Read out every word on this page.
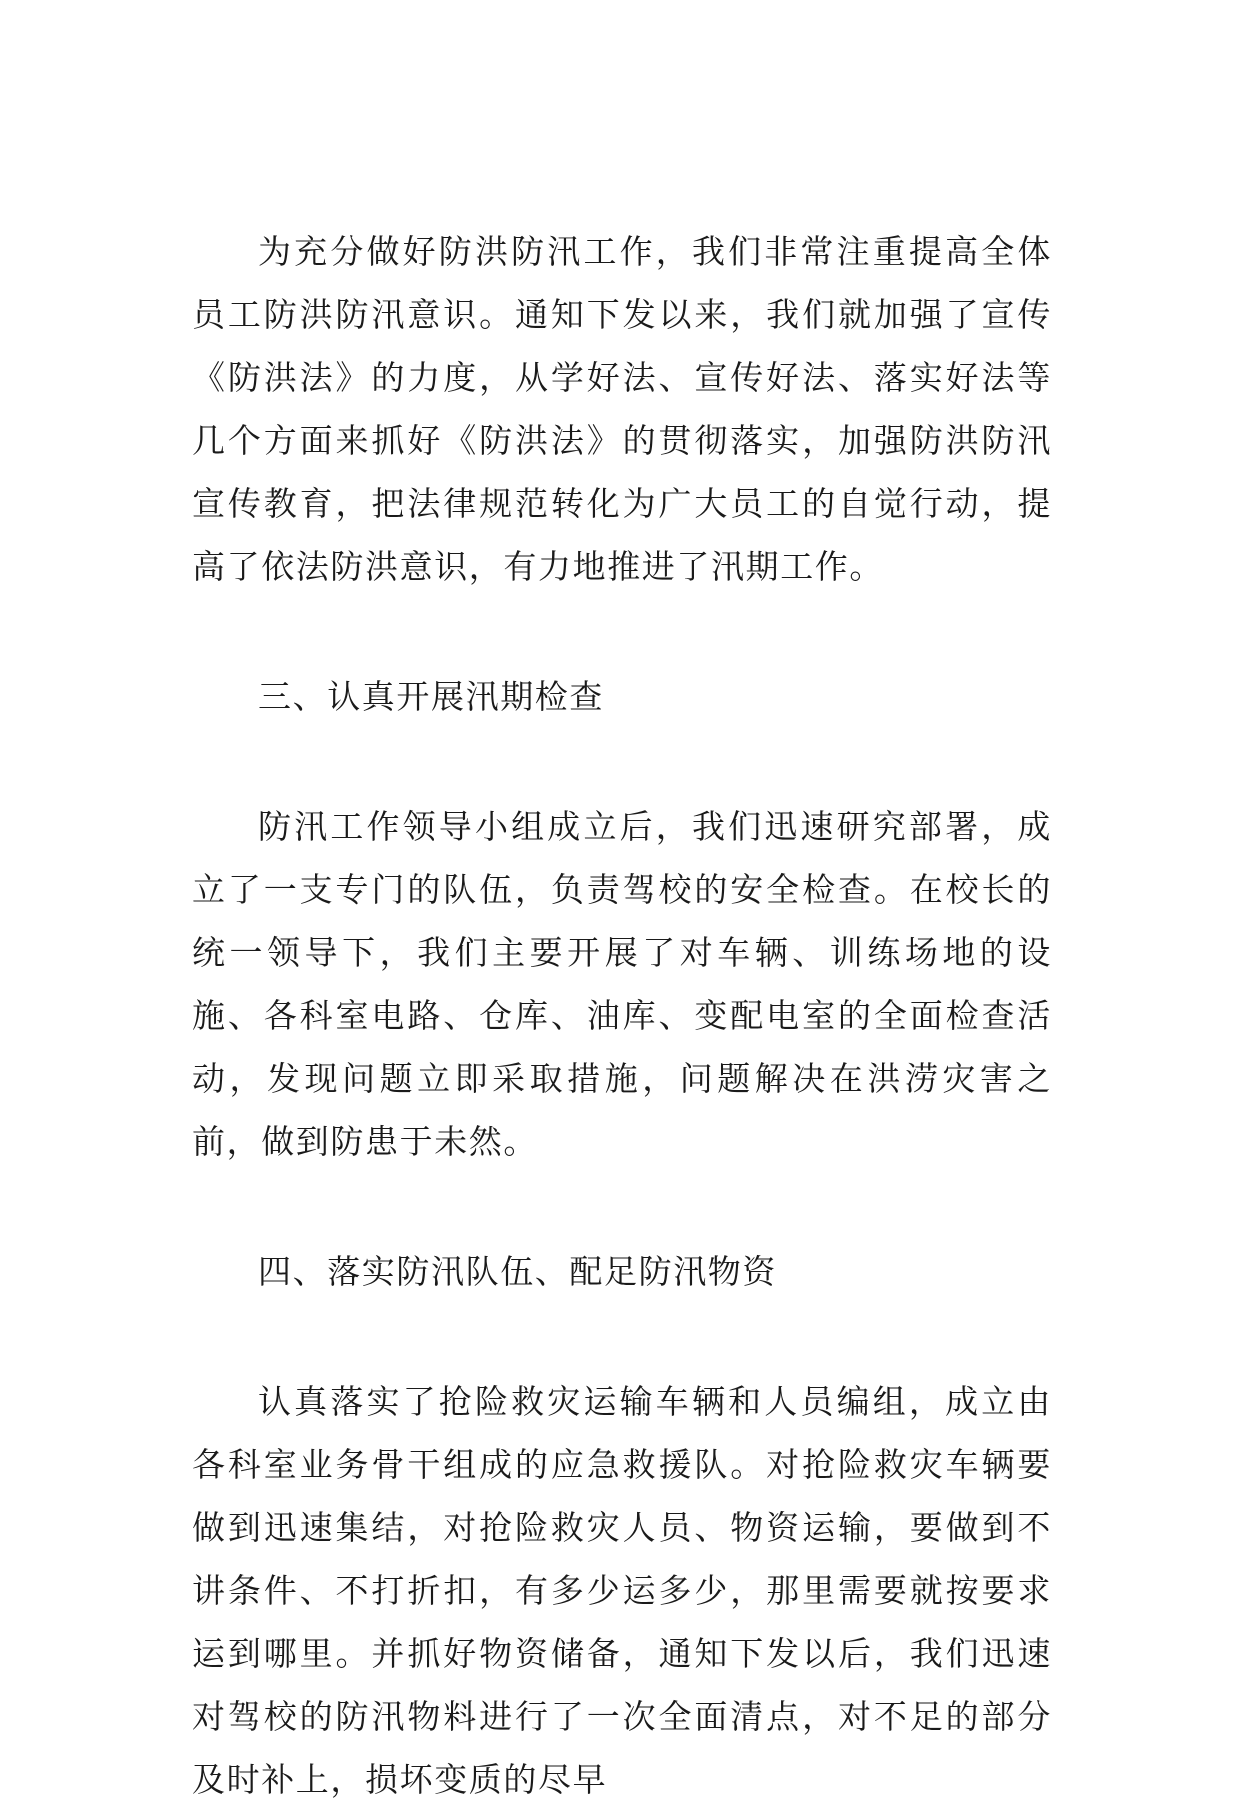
为充分做好防洪防汛工作，我们非常注重提高全体员工防洪防汛意识。通知下发以来，我们就加强了宣传《防洪法》的力度，从学好法、宣传好法、落实好法等几个方面来抓好《防洪法》的贯彻落实，加强防洪防汛宣传教育，把法律规范转化为广大员工的自觉行动，提高了依法防洪意识，有力地推进了汛期工作。

三、认真开展汛期检查

防汛工作领导小组成立后，我们迅速研究部署，成立了一支专门的队伍，负责驾校的安全检查。在校长的统一领导下，我们主要开展了对车辆、训练场地的设施、各科室电路、仓库、油库、变配电室的全面检查活动，发现问题立即采取措施，问题解决在洪涝灾害之前，做到防患于未然。

四、落实防汛队伍、配足防汛物资

认真落实了抢险救灾运输车辆和人员编组，成立由各科室业务骨干组成的应急救援队。对抢险救灾车辆要做到迅速集结，对抢险救灾人员、物资运输，要做到不讲条件、不打折扣，有多少运多少，那里需要就按要求运到哪里。并抓好物资储备，通知下发以后，我们迅速对驾校的防汛物料进行了一次全面清点，对不足的部分及时补上，损坏变质的尽早
